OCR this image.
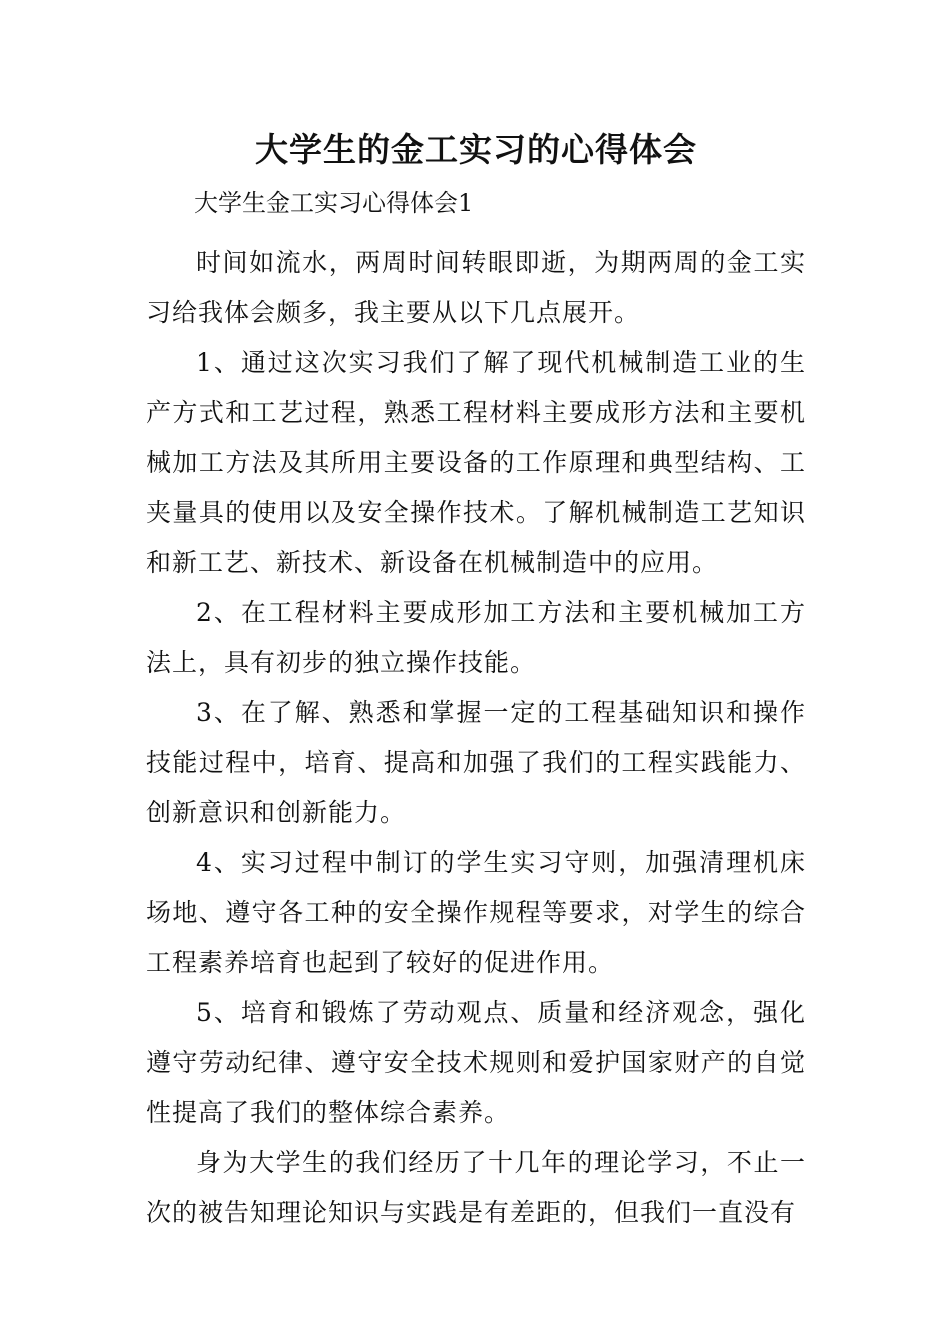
大学生的金工实习的心得体会
大学生金工实习心得体会1

时间如流水，两周时间转眼即逝，为期两周的金工实习给我体会颇多，我主要从以下几点展开。

1、通过这次实习我们了解了现代机械制造工业的生产方式和工艺过程，熟悉工程材料主要成形方法和主要机械加工方法及其所用主要设备的工作原理和典型结构、工夹量具的使用以及安全操作技术。了解机械制造工艺知识和新工艺、新技术、新设备在机械制造中的应用。

2、在工程材料主要成形加工方法和主要机械加工方法上，具有初步的独立操作技能。

3、在了解、熟悉和掌握一定的工程基础知识和操作技能过程中，培育、提高和加强了我们的工程实践能力、创新意识和创新能力。

4、实习过程中制订的学生实习守则，加强清理机床场地、遵守各工种的安全操作规程等要求，对学生的综合工程素养培育也起到了较好的促进作用。

5、培育和锻炼了劳动观点、质量和经济观念，强化遵守劳动纪律、遵守安全技术规则和爱护国家财产的自觉性提高了我们的整体综合素养。

身为大学生的我们经历了十几年的理论学习，不止一次的被告知理论知识与实践是有差距的，但我们一直没有
